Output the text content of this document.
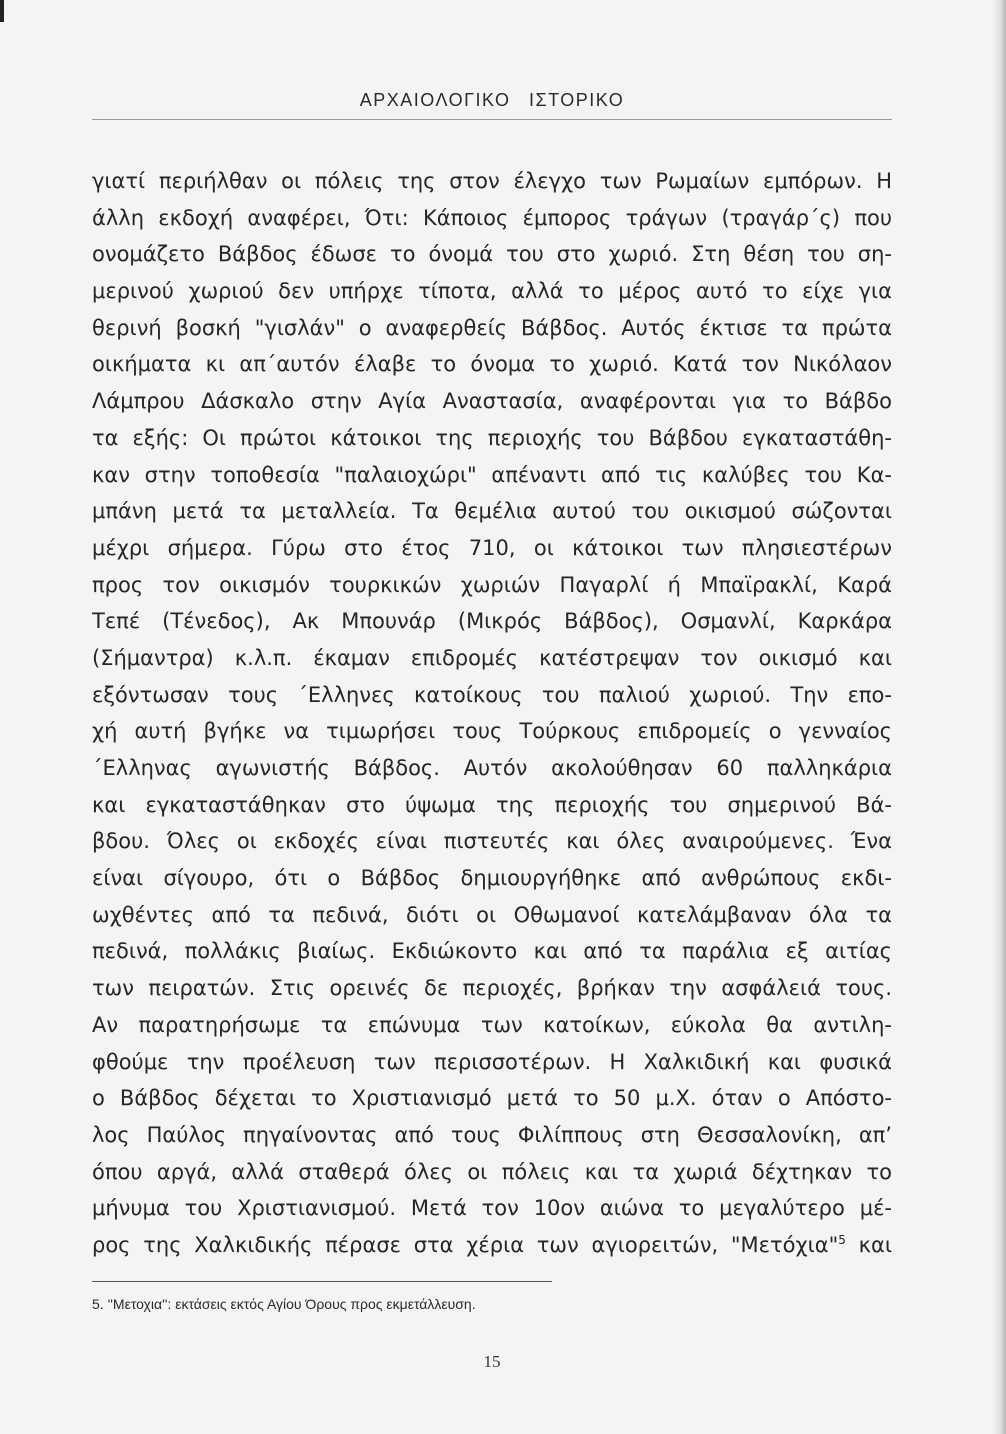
ΑΡΧΑΙΟΛΟΓΙΚΟ ΙΣΤΟΡΙΚΟ
γιατί περιήλθαν οι πόλεις της στον έλεγχο των Ρωμαίων εμπόρων. Η
άλλη εκδοχή αναφέρει, Ότι: Κάποιος έμπορος τράγων (τραγάρ΄ς) που
ονομάζετο Βάβδος έδωσε το όνομά του στο χωριό. Στη θέση του ση-
μερινού χωριού δεν υπήρχε τίποτα, αλλά το μέρος αυτό το είχε για
θερινή βοσκή "γισλάν" ο αναφερθείς Βάβδος. Αυτός έκτισε τα πρώτα
οικήματα κι απ΄αυτόν έλαβε το όνομα το χωριό. Κατά τον Νικόλαον
Λάμπρου Δάσκαλο στην Αγία Αναστασία, αναφέρονται για το Βάβδο
τα εξής: Οι πρώτοι κάτοικοι της περιοχής του Βάβδου εγκαταστάθη-
καν στην τοποθεσία "παλαιοχώρι" απέναντι από τις καλύβες του Κα-
μπάνη μετά τα μεταλλεία. Τα θεμέλια αυτού του οικισμού σώζονται
μέχρι σήμερα. Γύρω στο έτος 710, οι κάτοικοι των πλησιεστέρων
προς τον οικισμόν τουρκικών χωριών Παγαρλί ή Μπαϊρακλί, Καρά
Τεπέ (Τένεδος), Ακ Μπουνάρ (Μικρός Βάβδος), Οσμανλί, Καρκάρα
(Σήμαντρα) κ.λ.π. έκαμαν επιδρομές κατέστρεψαν τον οικισμό και
εξόντωσαν τους ΄Ελληνες κατοίκους του παλιού χωριού. Την επο-
χή αυτή βγήκε να τιμωρήσει τους Τούρκους επιδρομείς ο γενναίος
΄Ελληνας αγωνιστής Βάβδος. Αυτόν ακολούθησαν 60 παλληκάρια
και εγκαταστάθηκαν στο ύψωμα της περιοχής του σημερινού Βά-
βδου. Όλες οι εκδοχές είναι πιστευτές και όλες αναιρούμενες. Ένα
είναι σίγουρο, ότι ο Βάβδος δημιουργήθηκε από ανθρώπους εκδι-
ωχθέντες από τα πεδινά, διότι οι Οθωμανοί κατελάμβαναν όλα τα
πεδινά, πολλάκις βιαίως. Εκδιώκοντο και από τα παράλια εξ αιτίας
των πειρατών. Στις ορεινές δε περιοχές, βρήκαν την ασφάλειά τους.
Αν παρατηρήσωμε τα επώνυμα των κατοίκων, εύκολα θα αντιλη-
φθούμε την προέλευση των περισσοτέρων. Η Χαλκιδική και φυσικά
ο Βάβδος δέχεται το Χριστιανισμό μετά το 50 μ.Χ. όταν ο Απόστο-
λος Παύλος πηγαίνοντας από τους Φιλίππους στη Θεσσαλονίκη, απ’
όπου αργά, αλλά σταθερά όλες οι πόλεις και τα χωριά δέχτηκαν το
μήνυμα του Χριστιανισμού. Μετά τον 10ον αιώνα το μεγαλύτερο μέ-
ρος της Χαλκιδικής πέρασε στα χέρια των αγιορειτών, "Μετόχια"$^5$ και
5. ''Μετοχια'': εκτάσεις εκτός Αγίου Όρους προς εκμετάλλευση.
15
